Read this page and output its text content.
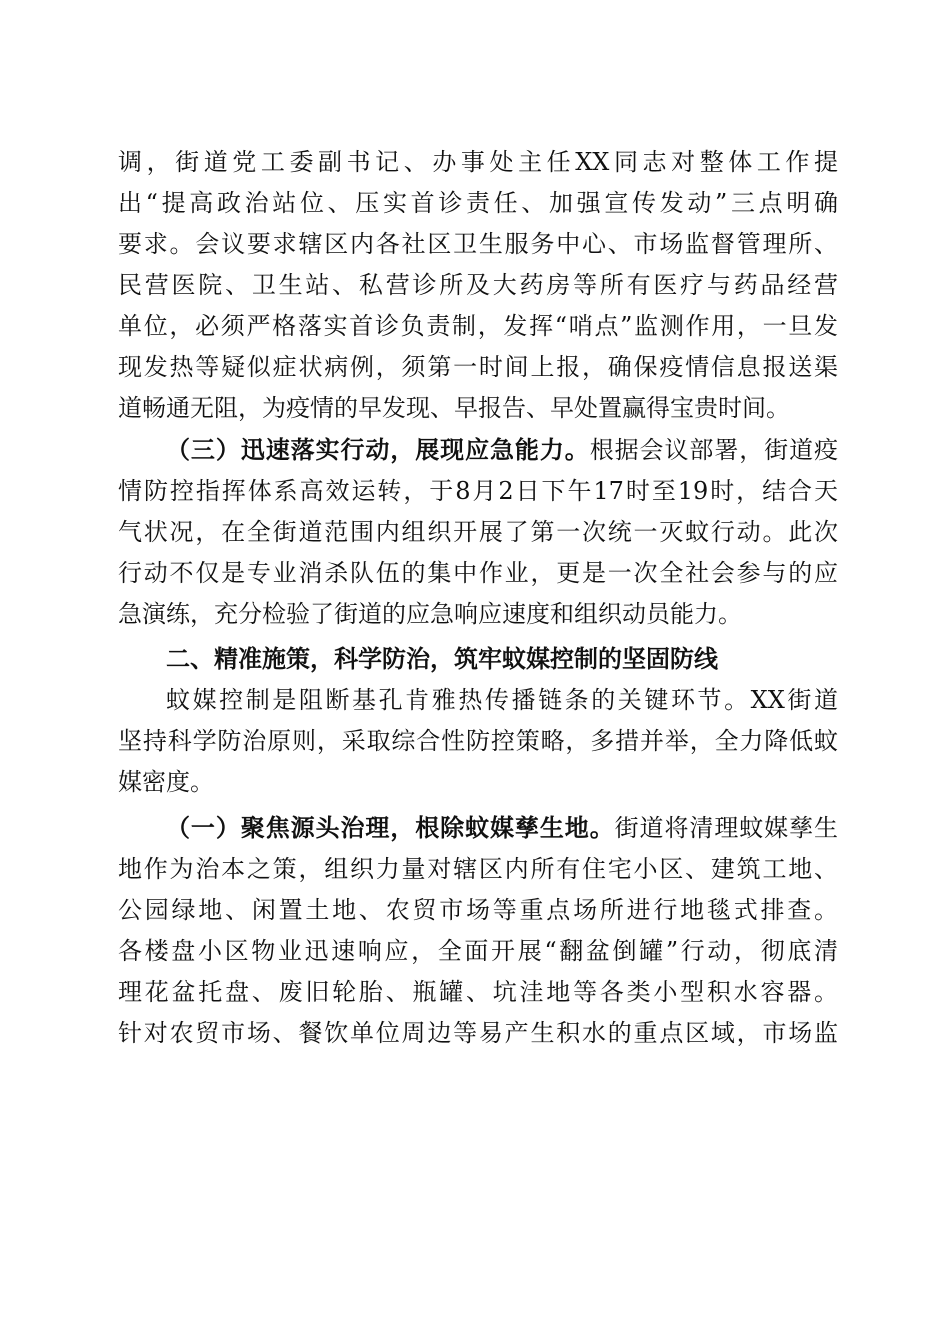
调，街道党工委副书记、办事处主任XX同志对整体工作提
出“提高政治站位、压实首诊责任、加强宣传发动”三点明确
要求。会议要求辖区内各社区卫生服务中心、市场监督管理所、
民营医院、卫生站、私营诊所及大药房等所有医疗与药品经营
单位，必须严格落实首诊负责制，发挥“哨点”监测作用，一旦发
现发热等疑似症状病例，须第一时间上报，确保疫情信息报送渠
道畅通无阻，为疫情的早发现、早报告、早处置赢得宝贵时间。

（三）迅速落实行动，展现应急能力。根据会议部署，街道疫
情防控指挥体系高效运转，于8月2日下午17时至19时，结合天
气状况，在全街道范围内组织开展了第一次统一灭蚊行动。此次
行动不仅是专业消杀队伍的集中作业，更是一次全社会参与的应
急演练，充分检验了街道的应急响应速度和组织动员能力。

二、精准施策，科学防治，筑牢蚊媒控制的坚固防线

蚊媒控制是阻断基孔肯雅热传播链条的关键环节。XX街道
坚持科学防治原则，采取综合性防控策略，多措并举，全力降低蚊
媒密度。

（一）聚焦源头治理，根除蚊媒孳生地。街道将清理蚊媒孳生
地作为治本之策，组织力量对辖区内所有住宅小区、建筑工地、
公园绿地、闲置土地、农贸市场等重点场所进行地毯式排查。
各楼盘小区物业迅速响应，全面开展“翻盆倒罐”行动，彻底清
理花盆托盘、废旧轮胎、瓶罐、坑洼地等各类小型积水容器。
针对农贸市场、餐饮单位周边等易产生积水的重点区域，市场监
